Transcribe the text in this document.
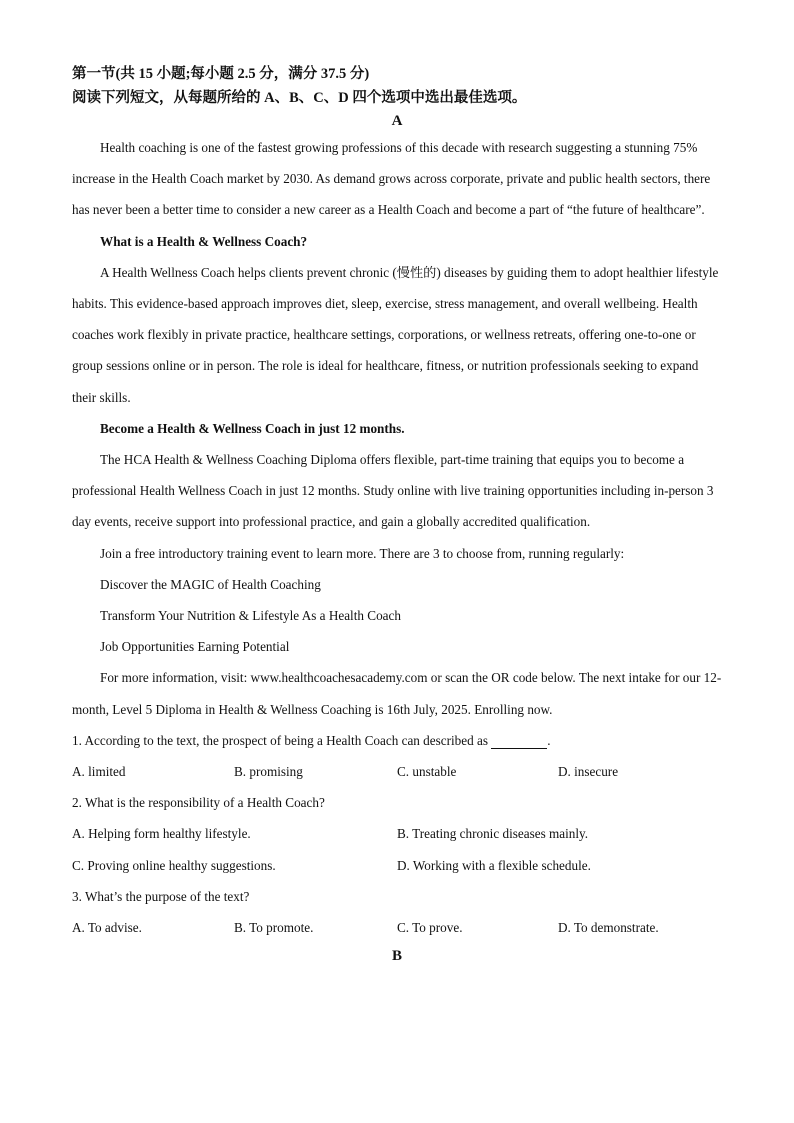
第一节(共 15 小题;每小题 2.5 分，满分 37.5 分)
阅读下列短文，从每题所给的 A、B、C、D 四个选项中选出最佳选项。
A

Health coaching is one of the fastest growing professions of this decade with research suggesting a stunning 75% increase in the Health Coach market by 2030. As demand grows across corporate, private and public health sectors, there has never been a better time to consider a new career as a Health Coach and become a part of “the future of healthcare”.

What is a Health & Wellness Coach?

A Health Wellness Coach helps clients prevent chronic (慢性的) diseases by guiding them to adopt healthier lifestyle habits. This evidence-based approach improves diet, sleep, exercise, stress management, and overall wellbeing. Health coaches work flexibly in private practice, healthcare settings, corporations, or wellness retreats, offering one-to-one or group sessions online or in person. The role is ideal for healthcare, fitness, or nutrition professionals seeking to expand their skills.

Become a Health & Wellness Coach in just 12 months.

The HCA Health & Wellness Coaching Diploma offers flexible, part-time training that equips you to become a professional Health Wellness Coach in just 12 months. Study online with live training opportunities including in-person 3 day events, receive support into professional practice, and gain a globally accredited qualification.

Join a free introductory training event to learn more. There are 3 to choose from, running regularly:

Discover the MAGIC of Health Coaching

Transform Your Nutrition & Lifestyle As a Health Coach

Job Opportunities Earning Potential

For more information, visit: www.healthcoachesacademy.com or scan the OR code below. The next intake for our 12-month, Level 5 Diploma in Health & Wellness Coaching is 16th July, 2025. Enrolling now.

1. According to the text, the prospect of being a Health Coach can described as	.

A. limited	B. promising	C. unstable	D. insecure

2. What is the responsibility of a Health Coach?

A. Helping form healthy lifestyle.	B. Treating chronic diseases mainly.
C. Proving online healthy suggestions.	D. Working with a flexible schedule.

3. What’s the purpose of the text?

A. To advise.	B. To promote.	C. To prove.	D. To demonstrate.
B
